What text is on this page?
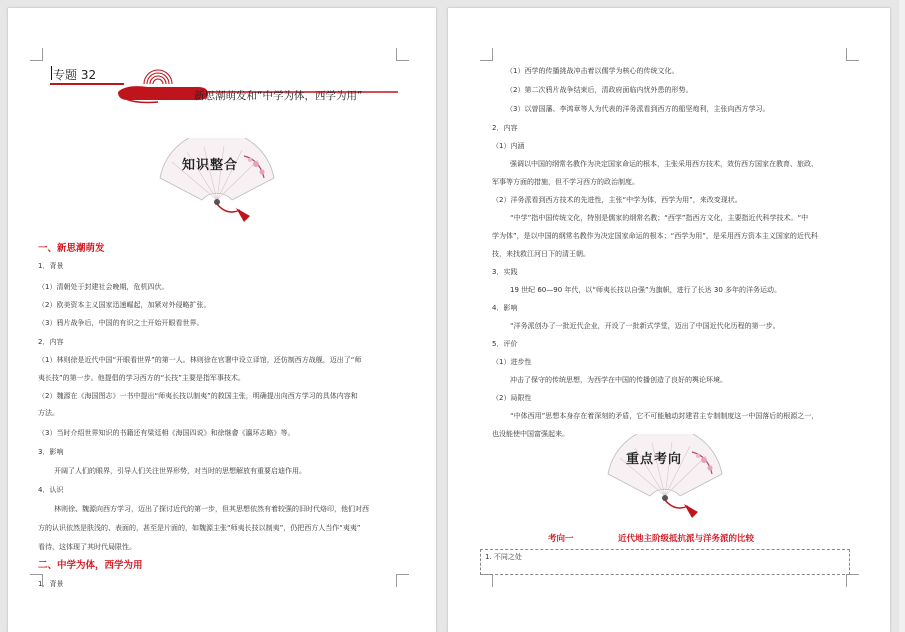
专题 32
新思潮萌发和“中学为体，西学为用”
知识整合
一、新思潮萌发
1．背景
（1）清朝处于封建社会晚期，危机四伏。
（2）欧美资本主义国家迅速崛起，加紧对外侵略扩张。
（3）鸦片战争后，中国的有识之士开始开眼看世界。
2．内容
（1）林则徐是近代中国“开眼看世界”的第一人。林则徐在官署中设立译馆，还仿制西方战舰，迈出了“师
夷长技”的第一步。他提倡的学习西方的“长技”主要是指军事技术。
（2）魏源在《海国图志》一书中提出“师夷长技以制夷”的救国主张，明确提出向西方学习的具体内容和
方法。
（3）当时介绍世界知识的书籍还有梁廷枏《海国四说》和徐继畬《瀛环志略》等。
3．影响
开阔了人们的眼界，引导人们关注世界形势，对当时的思想解放有重要启迪作用。
4．认识
林则徐、魏源向西方学习，迈出了探讨近代的第一步，但其思想依然有着较强的旧时代烙印，他们对西
方的认识依然是肤浅的、表面的，甚至是片面的，如魏源主张“师夷长技以制夷”，仍把西方人当作“夷夷”
看待，这体现了其时代局限性。
二、中学为体，西学为用
1．背景
（1）西学的传播挑战冲击着以儒学为核心的传统文化。
（2）第二次鸦片战争结束后，清政府面临内忧外患的形势。
（3）以曾国藩、李鸿章等人为代表的洋务派看到西方的船坚炮利，主张向西方学习。
2．内容
（1）内涵
强调以中国的纲常名教作为决定国家命运的根本，主张采用西方技术，效仿西方国家在教育、旅政、
军事等方面的措施，但不学习西方的政治制度。
（2）洋务派看到西方技术的先进性，主张“中学为体，西学为用”，来改变现状。
“中学”指中国传统文化，特别是儒家的纲常名教；“西学”指西方文化，主要指近代科学技术。“中
学为体”，是以中国的纲常名教作为决定国家命运的根本；“西学为用”，是采用西方资本主义国家的近代科
技，来找救江河日下的清王朝。
3．实践
19 世纪 60—90 年代，以“师夷长技以自强”为旗帜，进行了长达 30 多年的洋务运动。
4．影响
“洋务派创办了一批近代企业，开设了一批新式学堂，迈出了中国近代化历程的第一步。
5．评价
（1）进步性
冲击了保守的传统思想，为西学在中国的传播创造了良好的舆论环境。
（2）局限性
“中体西用”思想本身存在着深刻的矛盾，它不可能触动封建君主专制制度这一中国落后的根源之一，
也没能使中国富强起来。
重点考向
考向一	近代地主阶级抵抗派与洋务派的比较
1. 不同之处
